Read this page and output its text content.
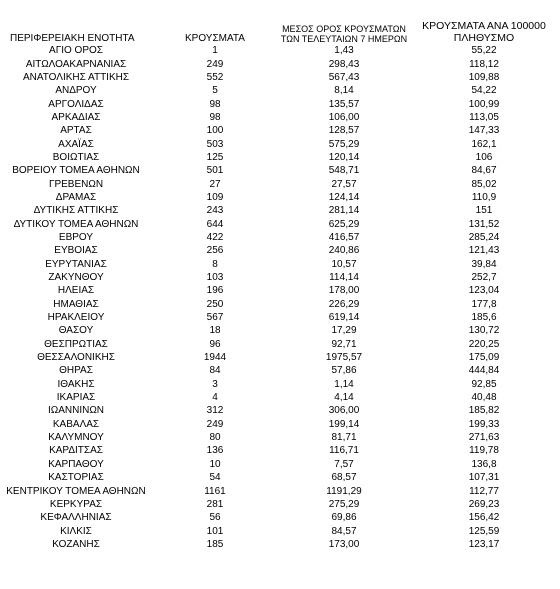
ΠΕΡΙΦΕΡΕΙΑΚΗ ΕΝΟΤΗΤΑ	ΚΡΟΥΣΜΑΤΑ	ΜΕΣΟΣ ΟΡΟΣ ΚΡΟΥΣΜΑΤΩΝ ΤΩΝ ΤΕΛΕΥΤΑΙΩΝ 7 ΗΜΕΡΩΝ	ΚΡΟΥΣΜΑΤΑ ΑΝΑ 100000 ΠΛΗΘΥΣΜΟ
ΑΓΙΟ ΟΡΟΣ	1	1,43	55,22
ΑΙΤΩΛΟΑΚΑΡΝΑΝΙΑΣ	249	298,43	118,12
ΑΝΑΤΟΛΙΚΗΣ ΑΤΤΙΚΗΣ	552	567,43	109,88
ΑΝΔΡΟΥ	5	8,14	54,22
ΑΡΓΟΛΙΔΑΣ	98	135,57	100,99
ΑΡΚΑΔΙΑΣ	98	106,00	113,05
ΑΡΤΑΣ	100	128,57	147,33
ΑΧΑΪΑΣ	503	575,29	162,1
ΒΟΙΩΤΙΑΣ	125	120,14	106
ΒΟΡΕΙΟΥ ΤΟΜΕΑ ΑΘΗΝΩΝ	501	548,71	84,67
ΓΡΕΒΕΝΩΝ	27	27,57	85,02
ΔΡΑΜΑΣ	109	124,14	110,9
ΔΥΤΙΚΗΣ ΑΤΤΙΚΗΣ	243	281,14	151
ΔΥΤΙΚΟΥ ΤΟΜΕΑ ΑΘΗΝΩΝ	644	625,29	131,52
ΕΒΡΟΥ	422	416,57	285,24
ΕΥΒΟΙΑΣ	256	240,86	121,43
ΕΥΡΥΤΑΝΙΑΣ	8	10,57	39,84
ΖΑΚΥΝΘΟΥ	103	114,14	252,7
ΗΛΕΙΑΣ	196	178,00	123,04
ΗΜΑΘΙΑΣ	250	226,29	177,8
ΗΡΑΚΛΕΙΟΥ	567	619,14	185,6
ΘΑΣΟΥ	18	17,29	130,72
ΘΕΣΠΡΩΤΙΑΣ	96	92,71	220,25
ΘΕΣΣΑΛΟΝΙΚΗΣ	1944	1975,57	175,09
ΘΗΡΑΣ	84	57,86	444,84
ΙΘΑΚΗΣ	3	1,14	92,85
ΙΚΑΡΙΑΣ	4	4,14	40,48
ΙΩΑΝΝΙΝΩΝ	312	306,00	185,82
ΚΑΒΑΛΑΣ	249	199,14	199,33
ΚΑΛΥΜΝΟΥ	80	81,71	271,63
ΚΑΡΔΙΤΣΑΣ	136	116,71	119,78
ΚΑΡΠΑΘΟΥ	10	7,57	136,8
ΚΑΣΤΟΡΙΑΣ	54	68,57	107,31
ΚΕΝΤΡΙΚΟΥ ΤΟΜΕΑ ΑΘΗΝΩΝ	1161	1191,29	112,77
ΚΕΡΚΥΡΑΣ	281	275,29	269,23
ΚΕΦΑΛΛΗΝΙΑΣ	56	69,86	156,42
ΚΙΛΚΙΣ	101	84,57	125,59
ΚΟΖΑΝΗΣ	185	173,00	123,17
